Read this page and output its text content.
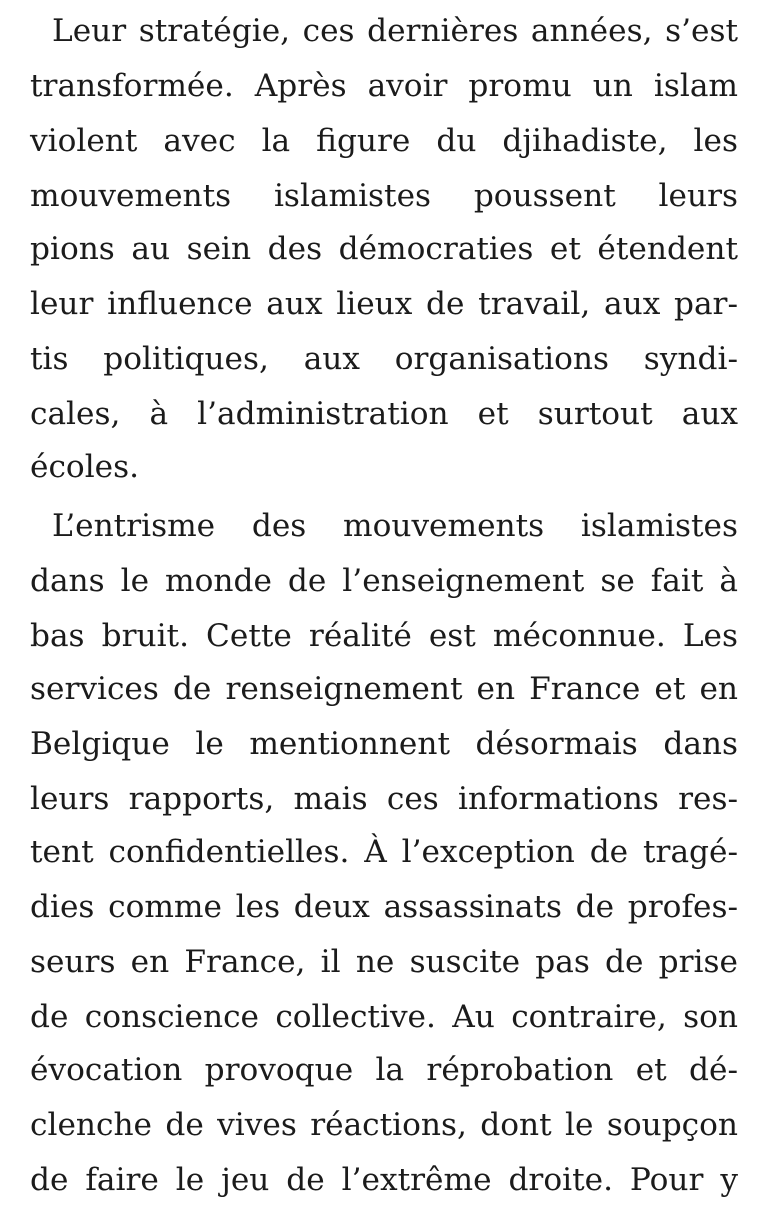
Leur stratégie, ces dernières années, s’est
transformée. Après avoir promu un islam
violent avec la figure du djihadiste, les
mouvements islamistes poussent leurs
pions au sein des démocraties et étendent
leur influence aux lieux de travail, aux par-
tis politiques, aux organisations syndi-
cales, à l’administration et surtout aux
écoles.
L’entrisme des mouvements islamistes
dans le monde de l’enseignement se fait à
bas bruit. Cette réalité est méconnue. Les
services de renseignement en France et en
Belgique le mentionnent désormais dans
leurs rapports, mais ces informations res-
tent confidentielles. À l’exception de tragé-
dies comme les deux assassinats de profes-
seurs en France, il ne suscite pas de prise
de conscience collective. Au contraire, son
évocation provoque la réprobation et dé-
clenche de vives réactions, dont le soupçon
de faire le jeu de l’extrême droite. Pour y
